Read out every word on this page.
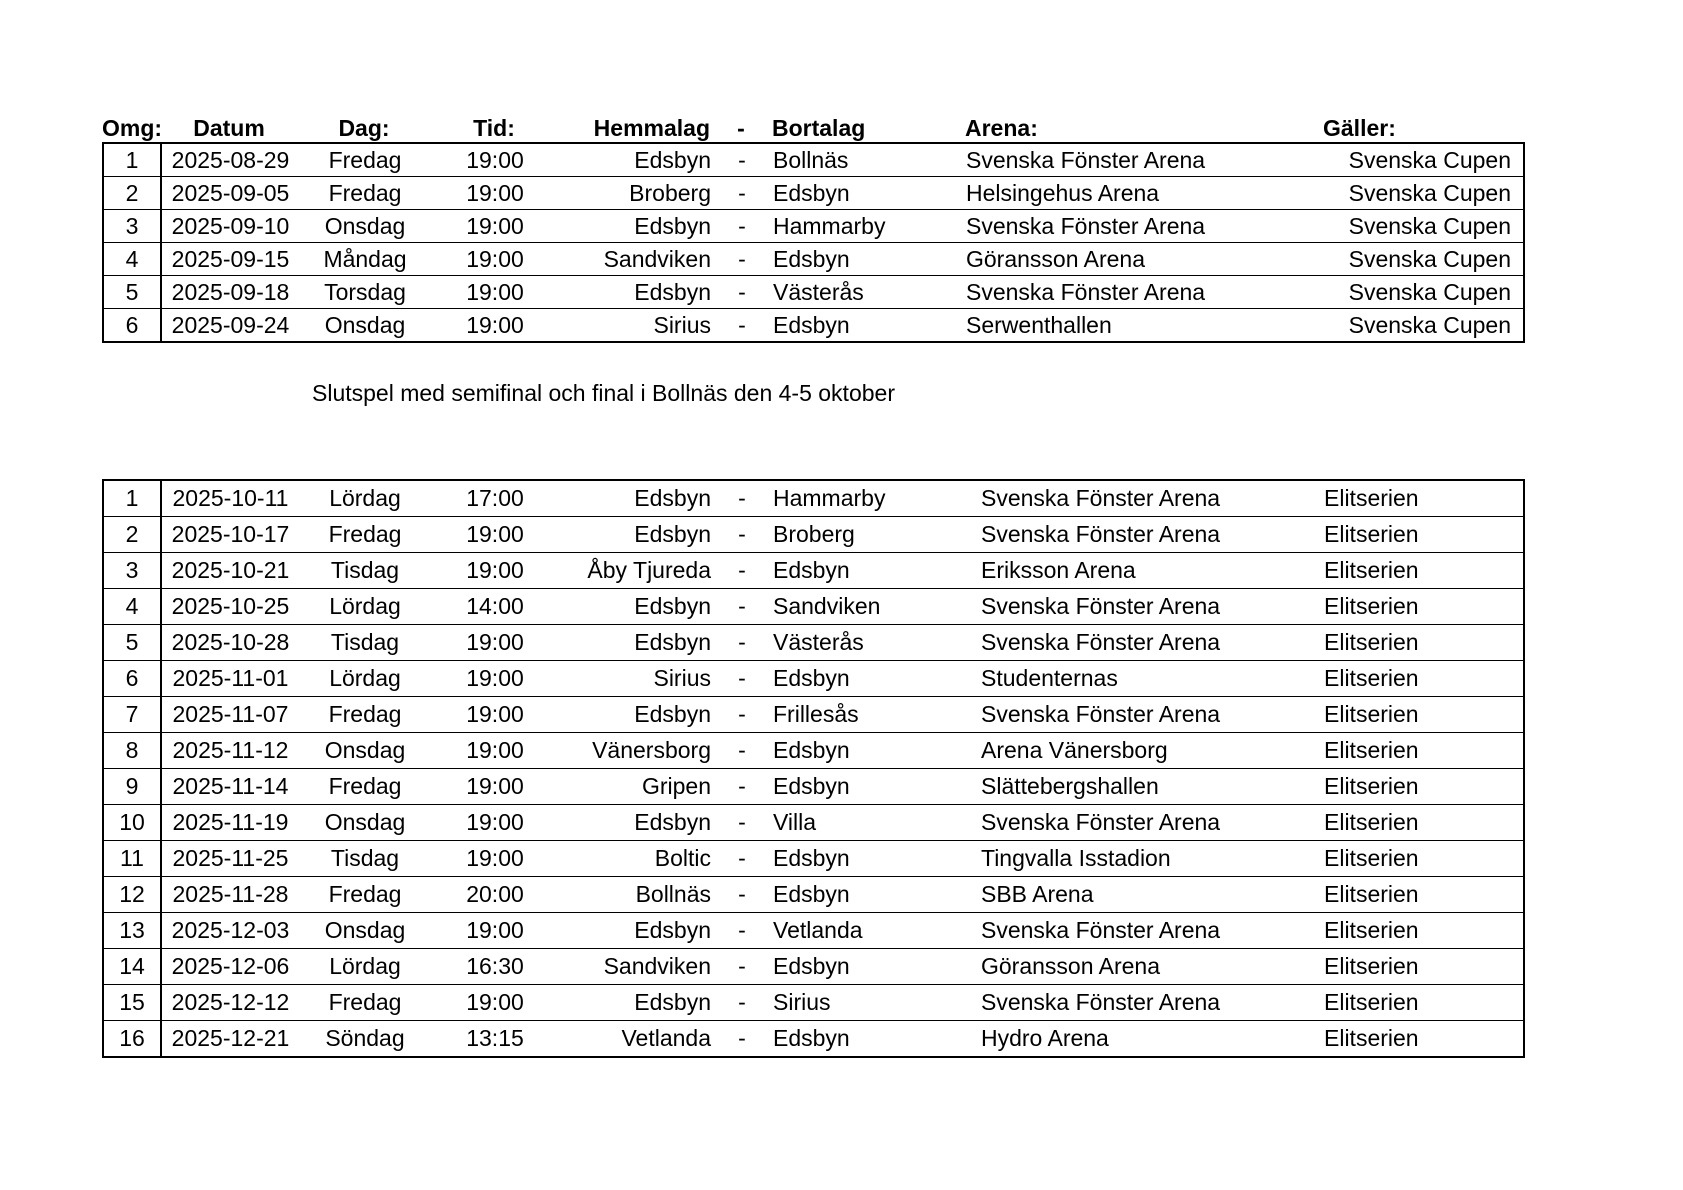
Omg:	Datum	Dag:	Tid:	Hemmalag	-	Bortalag	Arena:	Gäller:
1	2025-08-29	Fredag	19:00	Edsbyn	-	Bollnäs	Svenska Fönster Arena	Svenska Cupen
2	2025-09-05	Fredag	19:00	Broberg	-	Edsbyn	Helsingehus Arena	Svenska Cupen
3	2025-09-10	Onsdag	19:00	Edsbyn	-	Hammarby	Svenska Fönster Arena	Svenska Cupen
4	2025-09-15	Måndag	19:00	Sandviken	-	Edsbyn	Göransson Arena	Svenska Cupen
5	2025-09-18	Torsdag	19:00	Edsbyn	-	Västerås	Svenska Fönster Arena	Svenska Cupen
6	2025-09-24	Onsdag	19:00	Sirius	-	Edsbyn	Serwenthallen	Svenska Cupen
Slutspel med semifinal och final i Bollnäs den 4-5 oktober
1	2025-10-11	Lördag	17:00	Edsbyn	-	Hammarby	Svenska Fönster Arena	Elitserien
2	2025-10-17	Fredag	19:00	Edsbyn	-	Broberg	Svenska Fönster Arena	Elitserien
3	2025-10-21	Tisdag	19:00	Åby Tjureda	-	Edsbyn	Eriksson Arena	Elitserien
4	2025-10-25	Lördag	14:00	Edsbyn	-	Sandviken	Svenska Fönster Arena	Elitserien
5	2025-10-28	Tisdag	19:00	Edsbyn	-	Västerås	Svenska Fönster Arena	Elitserien
6	2025-11-01	Lördag	19:00	Sirius	-	Edsbyn	Studenternas	Elitserien
7	2025-11-07	Fredag	19:00	Edsbyn	-	Frillesås	Svenska Fönster Arena	Elitserien
8	2025-11-12	Onsdag	19:00	Vänersborg	-	Edsbyn	Arena Vänersborg	Elitserien
9	2025-11-14	Fredag	19:00	Gripen	-	Edsbyn	Slättebergshallen	Elitserien
10	2025-11-19	Onsdag	19:00	Edsbyn	-	Villa	Svenska Fönster Arena	Elitserien
11	2025-11-25	Tisdag	19:00	Boltic	-	Edsbyn	Tingvalla Isstadion	Elitserien
12	2025-11-28	Fredag	20:00	Bollnäs	-	Edsbyn	SBB Arena	Elitserien
13	2025-12-03	Onsdag	19:00	Edsbyn	-	Vetlanda	Svenska Fönster Arena	Elitserien
14	2025-12-06	Lördag	16:30	Sandviken	-	Edsbyn	Göransson Arena	Elitserien
15	2025-12-12	Fredag	19:00	Edsbyn	-	Sirius	Svenska Fönster Arena	Elitserien
16	2025-12-21	Söndag	13:15	Vetlanda	-	Edsbyn	Hydro Arena	Elitserien
